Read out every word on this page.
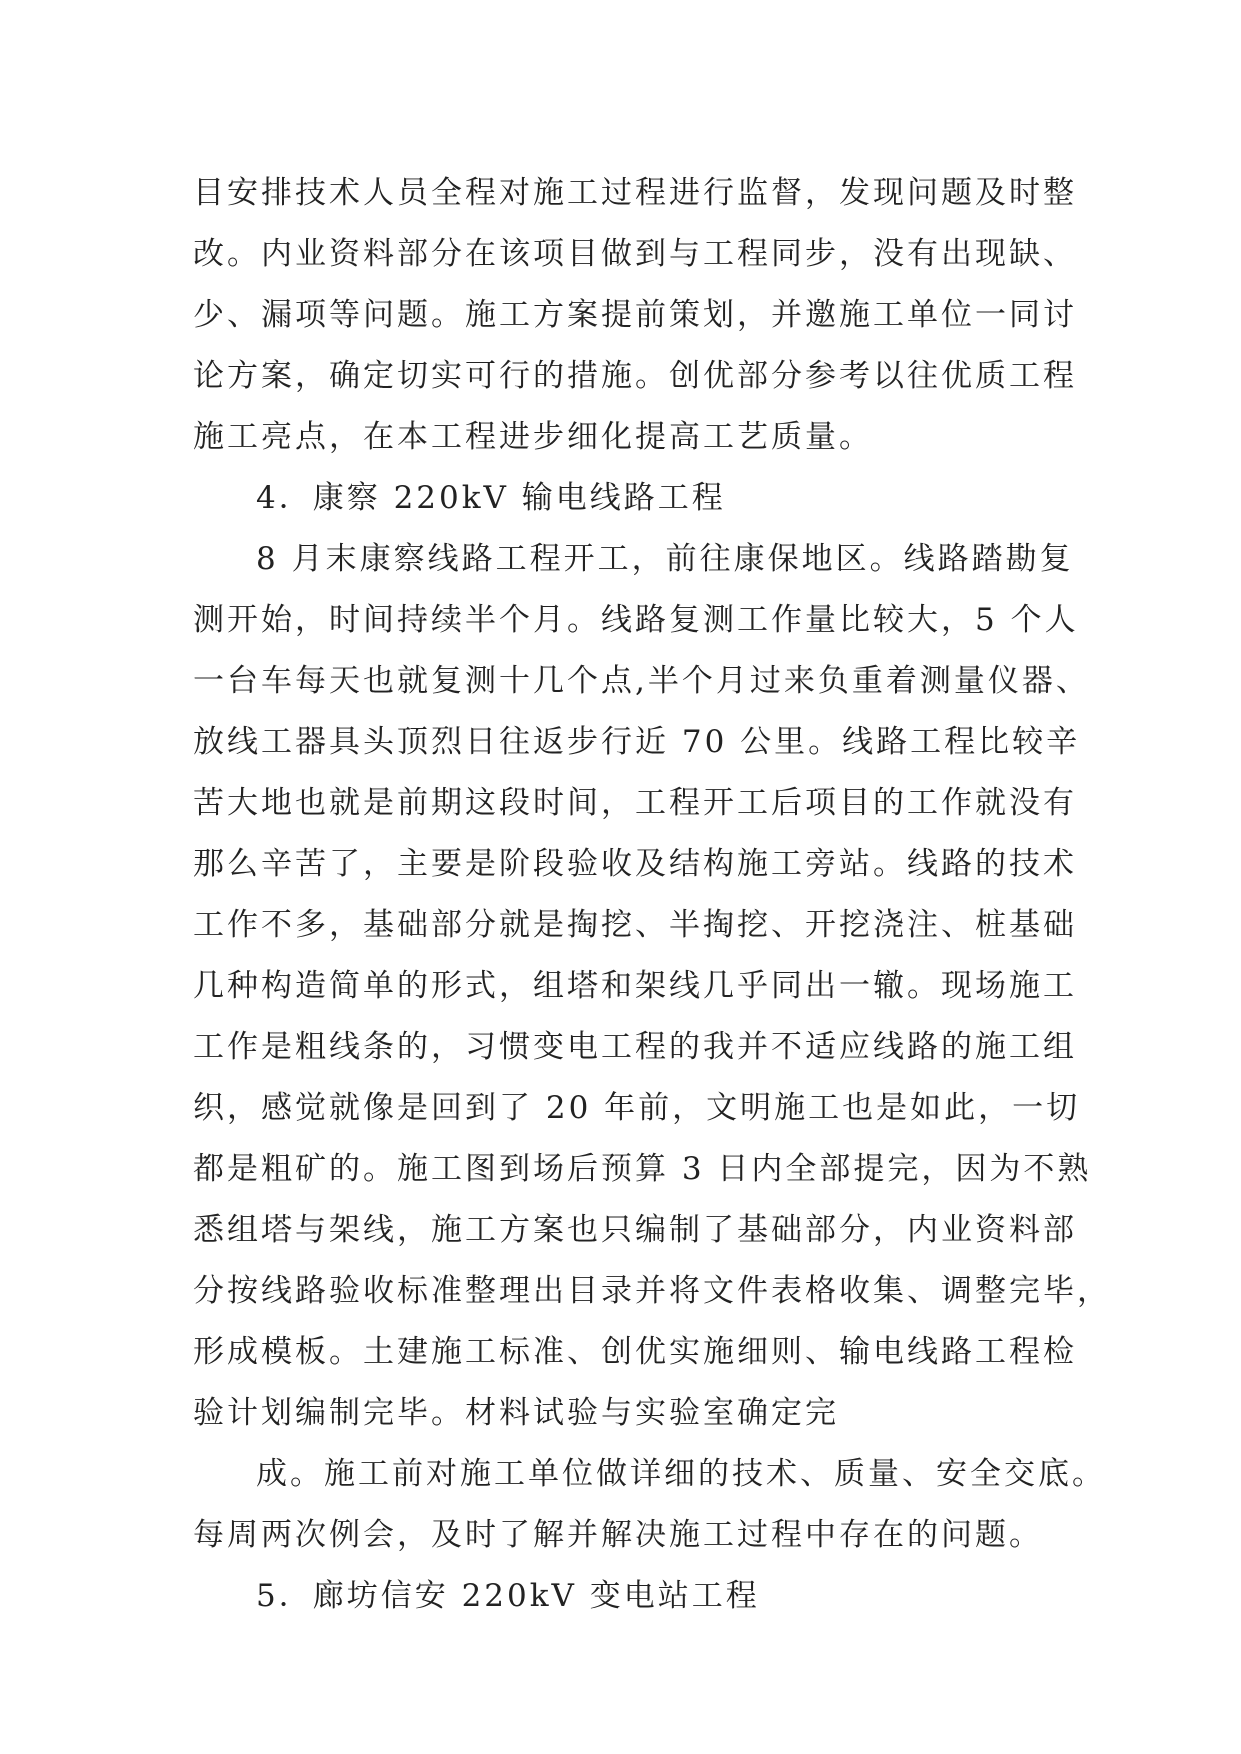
目安排技术人员全程对施工过程进行监督，发现问题及时整
改。内业资料部分在该项目做到与工程同步，没有出现缺、
少、漏项等问题。施工方案提前策划，并邀施工单位一同讨
论方案，确定切实可行的措施。创优部分参考以往优质工程
施工亮点，在本工程进步细化提高工艺质量。
4．康察 220kV 输电线路工程
8 月末康察线路工程开工，前往康保地区。线路踏勘复
测开始，时间持续半个月。线路复测工作量比较大，5 个人
一台车每天也就复测十几个点,半个月过来负重着测量仪器、
放线工器具头顶烈日往返步行近 70 公里。线路工程比较辛
苦大地也就是前期这段时间，工程开工后项目的工作就没有
那么辛苦了，主要是阶段验收及结构施工旁站。线路的技术
工作不多，基础部分就是掏挖、半掏挖、开挖浇注、桩基础
几种构造简单的形式，组塔和架线几乎同出一辙。现场施工
工作是粗线条的，习惯变电工程的我并不适应线路的施工组
织，感觉就像是回到了 20 年前，文明施工也是如此，一切
都是粗矿的。施工图到场后预算 3 日内全部提完，因为不熟
悉组塔与架线，施工方案也只编制了基础部分，内业资料部
分按线路验收标准整理出目录并将文件表格收集、调整完毕，
形成模板。土建施工标准、创优实施细则、输电线路工程检
验计划编制完毕。材料试验与实验室确定完
成。施工前对施工单位做详细的技术、质量、安全交底。
每周两次例会，及时了解并解决施工过程中存在的问题。
5．廊坊信安 220kV 变电站工程
